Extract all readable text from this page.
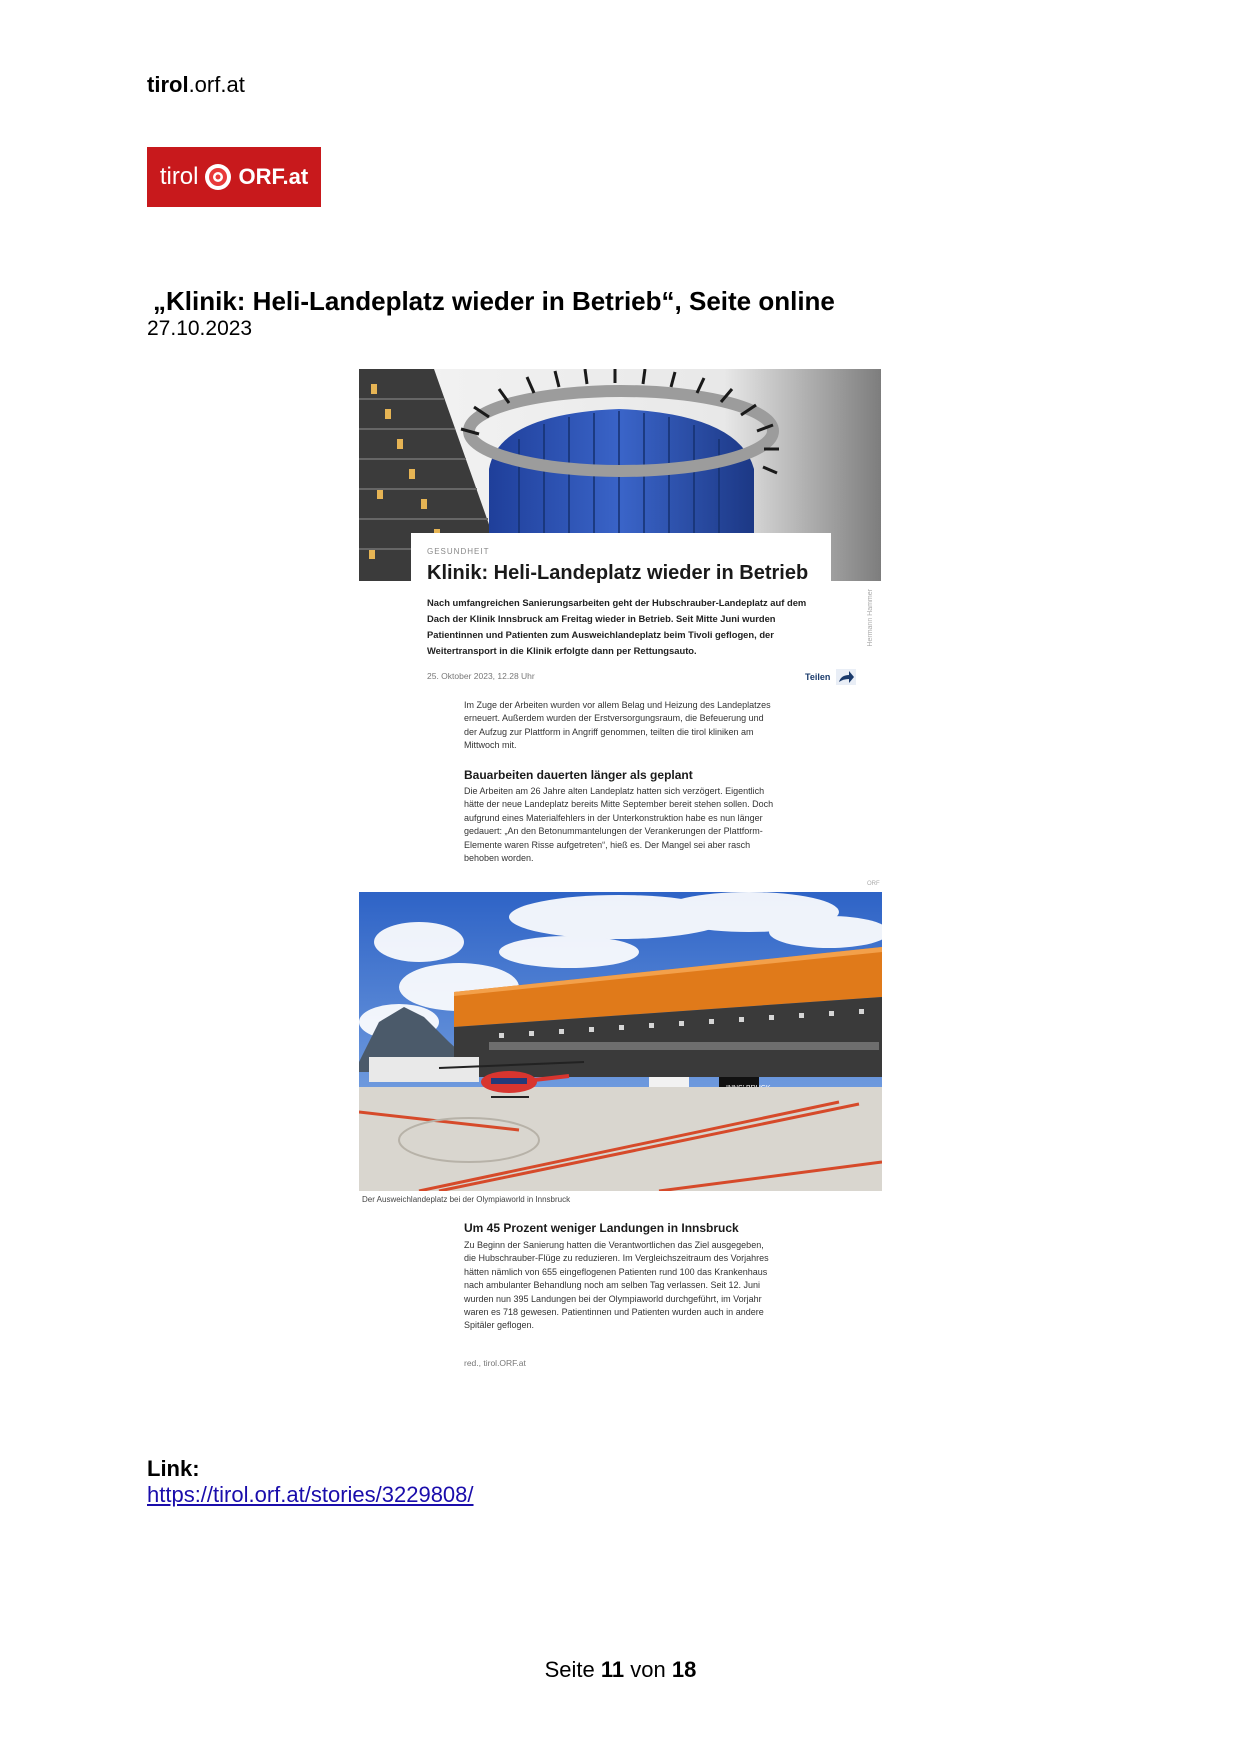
tirol.orf.at
tirol ORF.at
„Klinik: Heli-Landeplatz wieder in Betrieb“, Seite online
27.10.2023
GESUNDHEIT
Klinik: Heli-Landeplatz wieder in Betrieb
Nach umfangreichen Sanierungsarbeiten geht der Hubschrauber-Landeplatz auf dem Dach der Klinik Innsbruck am Freitag wieder in Betrieb. Seit Mitte Juni wurden Patientinnen und Patienten zum Ausweichlandeplatz beim Tivoli geflogen, der Weitertransport in die Klinik erfolgte dann per Rettungsauto.
Hermann Hammer
25. Oktober 2023, 12.28 Uhr	Teilen
Im Zuge der Arbeiten wurden vor allem Belag und Heizung des Landeplatzes erneuert. Außerdem wurden der Erstversorgungsraum, die Befeuerung und der Aufzug zur Plattform in Angriff genommen, teilten die tirol kliniken am Mittwoch mit.
Bauarbeiten dauerten länger als geplant
Die Arbeiten am 26 Jahre alten Landeplatz hatten sich verzögert. Eigentlich hätte der neue Landeplatz bereits Mitte September bereit stehen sollen. Doch aufgrund eines Materialfehlers in der Unterkonstruktion habe es nun länger gedauert: „An den Betonummantelungen der Verankerungen der Plattform-Elemente waren Risse aufgetreten“, hieß es. Der Mangel sei aber rasch behoben worden.
ORF
Der Ausweichlandeplatz bei der Olympiaworld in Innsbruck
Um 45 Prozent weniger Landungen in Innsbruck
Zu Beginn der Sanierung hatten die Verantwortlichen das Ziel ausgegeben, die Hubschrauber-Flüge zu reduzieren. Im Vergleichszeitraum des Vorjahres hätten nämlich von 655 eingeflogenen Patienten rund 100 das Krankenhaus nach ambulanter Behandlung noch am selben Tag verlassen. Seit 12. Juni wurden nun 395 Landungen bei der Olympiaworld durchgeführt, im Vorjahr waren es 718 gewesen. Patientinnen und Patienten wurden auch in andere Spitäler geflogen.
red., tirol.ORF.at
Link:
https://tirol.orf.at/stories/3229808/
Seite 11 von 18
